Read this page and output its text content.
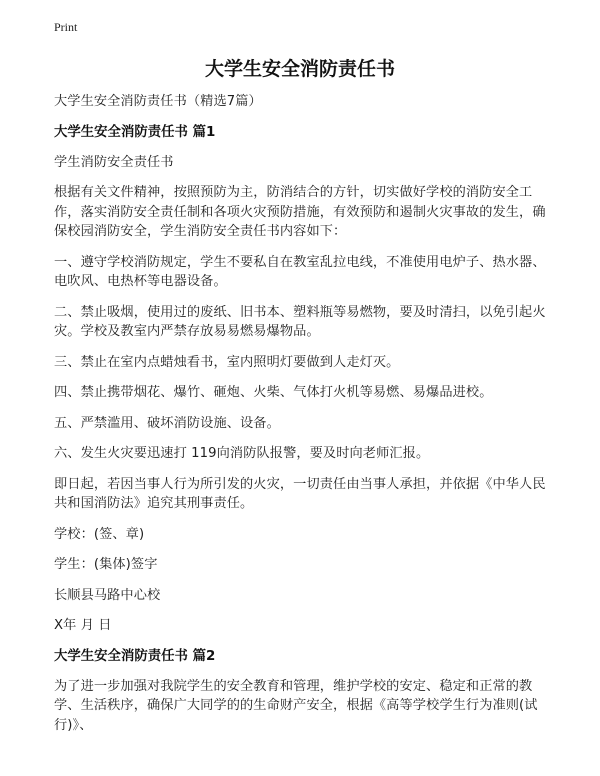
Print
大学生安全消防责任书

大学生安全消防责任书（精选7篇）

大学生安全消防责任书 篇1

学生消防安全责任书

根据有关文件精神，按照预防为主，防消结合的方针，切实做好学校的消防安全工作，落实消防安全责任制和各项火灾预防措施，有效预防和遏制火灾事故的发生，确保校园消防安全，学生消防安全责任书内容如下：

一、遵守学校消防规定，学生不要私自在教室乱拉电线，不准使用电炉子、热水器、电吹风、电热杯等电器设备。

二、禁止吸烟，使用过的废纸、旧书本、塑料瓶等易燃物，要及时清扫，以免引起火灾。学校及教室内严禁存放易易燃易爆物品。

三、禁止在室内点蜡烛看书，室内照明灯要做到人走灯灭。

四、禁止携带烟花、爆竹、砸炮、火柴、气体打火机等易燃、易爆品进校。

五、严禁滥用、破坏消防设施、设备。

六、发生火灾要迅速打 119向消防队报警，要及时向老师汇报。

即日起，若因当事人行为所引发的火灾，一切责任由当事人承担，并依据《中华人民共和国消防法》追究其刑事责任。

学校：(签、章)

学生：(集体)签字

长顺县马路中心校

X年 月 日

大学生安全消防责任书 篇2

为了进一步加强对我院学生的安全教育和管理，维护学校的安定、稳定和正常的教学、生活秩序，确保广大同学的的生命财产安全，根据《高等学校学生行为准则(试行)》、
